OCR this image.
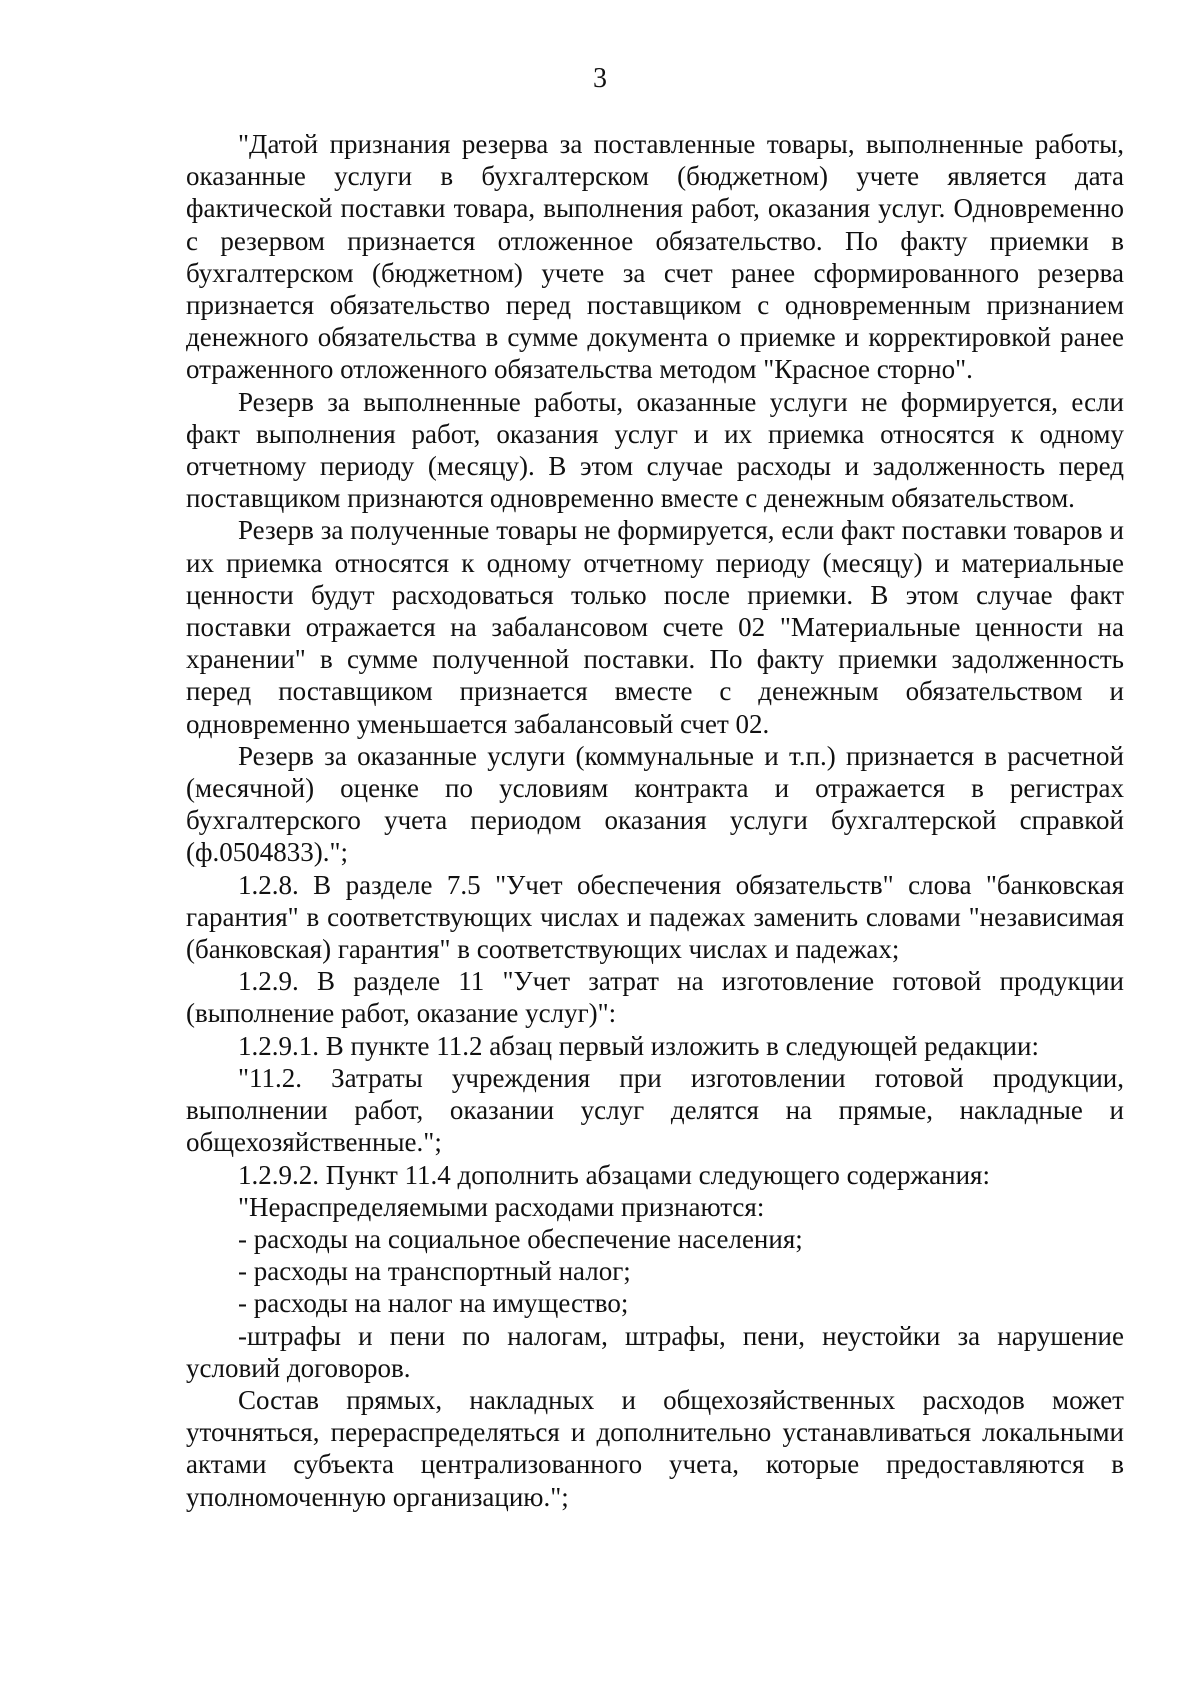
3

"Датой признания резерва за поставленные товары, выполненные работы, оказанные услуги в бухгалтерском (бюджетном) учете является дата фактической поставки товара, выполнения работ, оказания услуг. Одновременно с резервом признается отложенное обязательство. По факту приемки в бухгалтерском (бюджетном) учете за счет ранее сформированного резерва признается обязательство перед поставщиком с одновременным признанием денежного обязательства в сумме документа о приемке и корректировкой ранее отраженного отложенного обязательства методом "Красное сторно".

Резерв за выполненные работы, оказанные услуги не формируется, если факт выполнения работ, оказания услуг и их приемка относятся к одному отчетному периоду (месяцу). В этом случае расходы и задолженность перед поставщиком признаются одновременно вместе с денежным обязательством.

Резерв за полученные товары не формируется, если факт поставки товаров и их приемка относятся к одному отчетному периоду (месяцу) и материальные ценности будут расходоваться только после приемки. В этом случае факт поставки отражается на забалансовом счете 02 "Материальные ценности на хранении" в сумме полученной поставки. По факту приемки задолженность перед поставщиком признается вместе с денежным обязательством и одновременно уменьшается забалансовый счет 02.

Резерв за оказанные услуги (коммунальные и т.п.) признается в расчетной (месячной) оценке по условиям контракта и отражается в регистрах бухгалтерского учета периодом оказания услуги бухгалтерской справкой (ф.0504833).";

1.2.8. В разделе 7.5 "Учет обеспечения обязательств" слова "банковская гарантия" в соответствующих числах и падежах заменить словами "независимая (банковская) гарантия" в соответствующих числах и падежах;

1.2.9. В разделе 11 "Учет затрат на изготовление готовой продукции (выполнение работ, оказание услуг)":

1.2.9.1. В пункте 11.2 абзац первый изложить в следующей редакции:

"11.2. Затраты учреждения при изготовлении готовой продукции, выполнении работ, оказании услуг делятся на прямые, накладные и общехозяйственные.";

1.2.9.2. Пункт 11.4 дополнить абзацами следующего содержания:

"Нераспределяемыми расходами признаются:

- расходы на социальное обеспечение населения;

- расходы на транспортный налог;

- расходы на налог на имущество;

-штрафы и пени по налогам, штрафы, пени, неустойки за нарушение условий договоров.

Состав прямых, накладных и общехозяйственных расходов может уточняться, перераспределяться и дополнительно устанавливаться локальными актами субъекта централизованного учета, которые предоставляются в уполномоченную организацию.";
